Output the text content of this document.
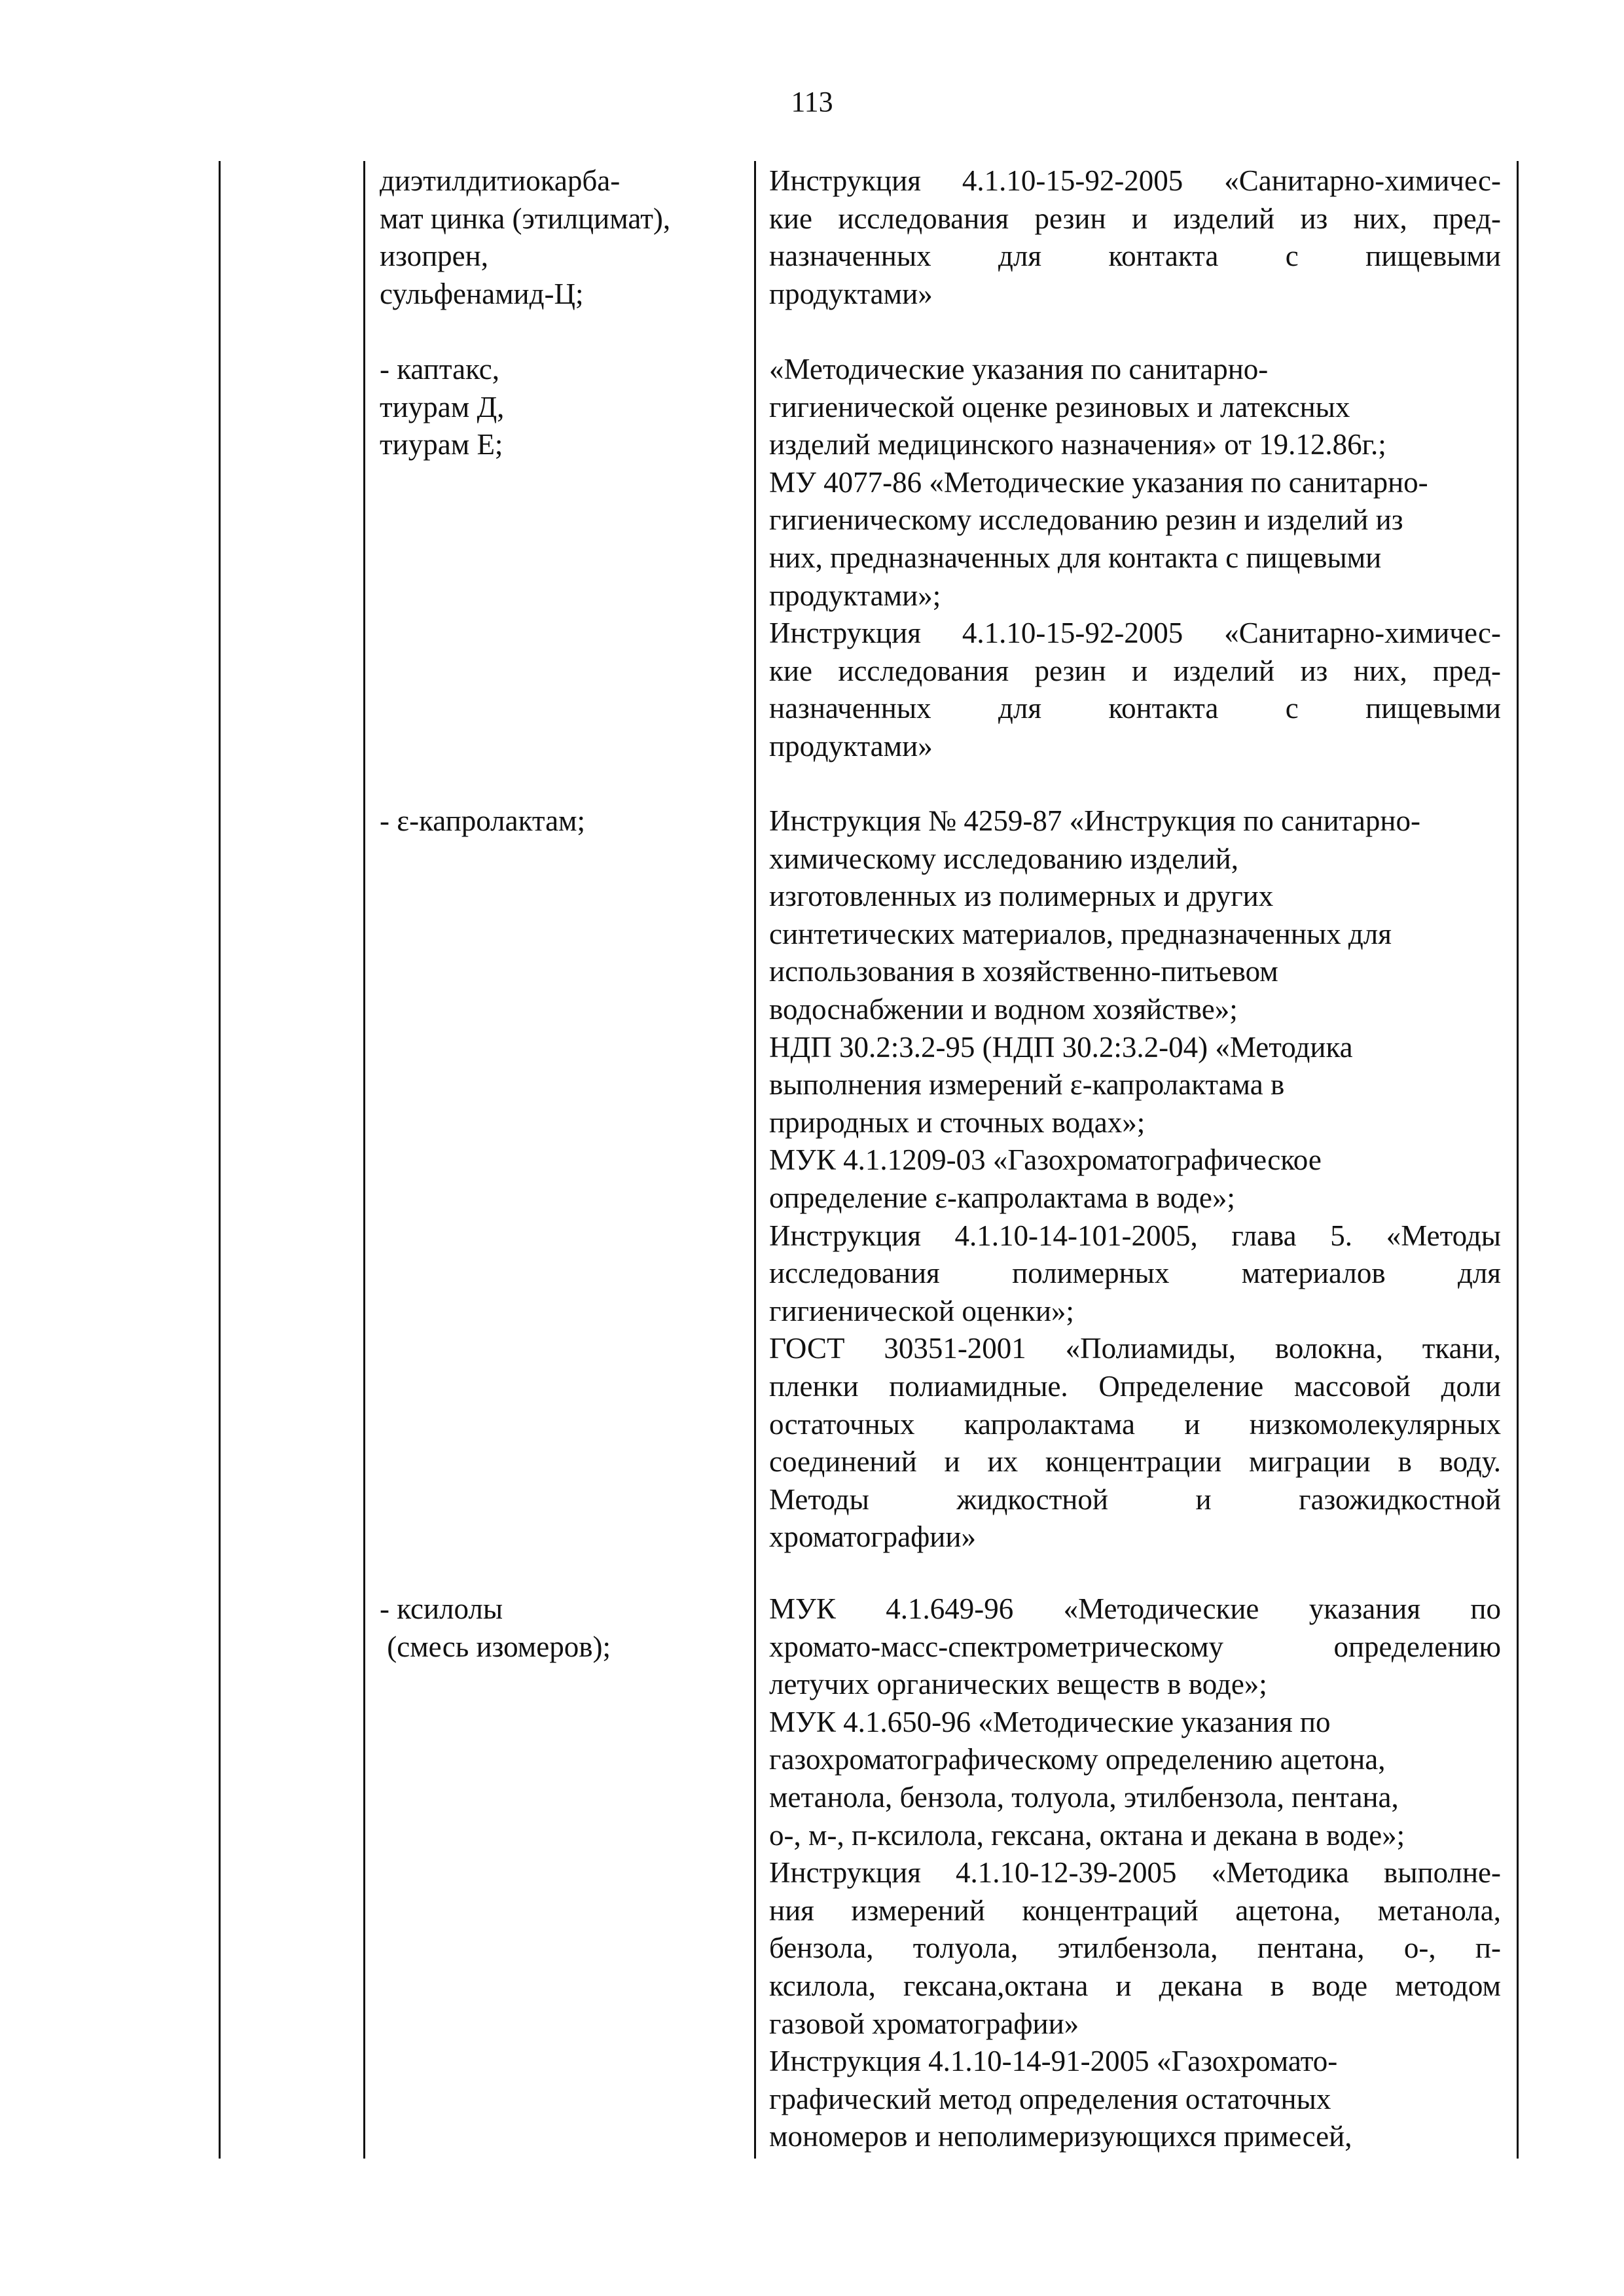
113
диэтилдитиокарба-
мат цинка (этилцимат),
изопрен,
сульфенамид-Ц;
Инструкция 4.1.10-15-92-2005 «Санитарно-химичес-
кие исследования резин и изделий из них, пред-
назначенных для контакта с пищевыми
продуктами»
- каптакс,
тиурам Д,
тиурам Е;
«Методические указания по санитарно-
гигиенической оценке резиновых и латексных
изделий медицинского назначения» от 19.12.86г.;
МУ 4077-86 «Методические указания по санитарно-
гигиеническому исследованию резин и изделий из
них, предназначенных для контакта с пищевыми
продуктами»;
Инструкция 4.1.10-15-92-2005 «Санитарно-химичес-
кие исследования резин и изделий из них, пред-
назначенных для контакта с пищевыми
продуктами»
- ε-капролактам;	Инструкция № 4259-87 «Инструкция по санитарно-
химическому исследованию изделий,
изготовленных из полимерных и других
синтетических материалов, предназначенных для
использования в хозяйственно-питьевом
водоснабжении и водном хозяйстве»;
НДП 30.2:3.2-95 (НДП 30.2:3.2-04) «Методика
выполнения измерений ε-капролактама в
природных и сточных водах»;
МУК 4.1.1209-03 «Газохроматографическое
определение ε-капролактама в воде»;
Инструкция 4.1.10-14-101-2005, глава 5. «Методы
исследования полимерных материалов для
гигиенической оценки»;
ГОСТ 30351-2001 «Полиамиды, волокна, ткани,
пленки полиамидные. Определение массовой доли
остаточных капролактама и низкомолекулярных
соединений и их концентрации миграции в воду.
Методы жидкостной и газожидкостной
хроматографии»
- ксилолы
(смесь изомеров);
МУК 4.1.649-96 «Методические указания по
хромато-масс-спектрометрическому определению
летучих органических веществ в воде»;
МУК 4.1.650-96 «Методические указания по
газохроматографическому определению ацетона,
метанола, бензола, толуола, этилбензола, пентана,
о-, м-, п-ксилола, гексана, октана и декана в воде»;
Инструкция 4.1.10-12-39-2005 «Методика выполне-
ния измерений концентраций ацетона, метанола,
бензола, толуола, этилбензола, пентана, о-, п-
ксилола, гексана,октана и декана в воде методом
газовой хроматографии»
Инструкция 4.1.10-14-91-2005 «Газохромато-
графический метод определения остаточных
мономеров и неполимеризующихся примесей,
